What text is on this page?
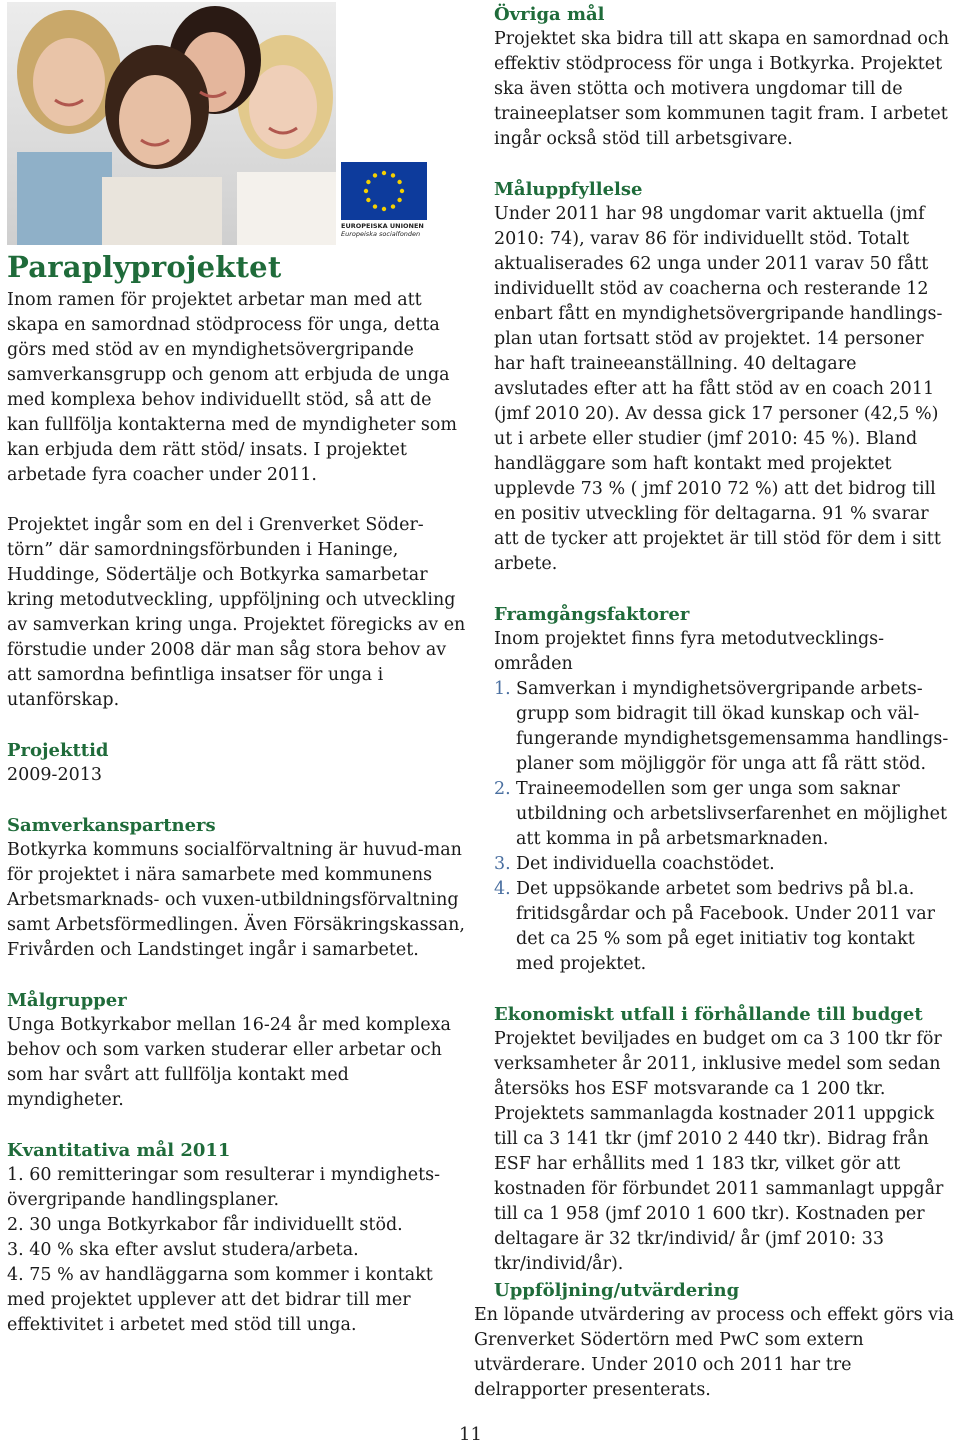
EUROPEISKA UNIONEN
Europeiska socialfonden
Paraplyprojektet

Inom ramen för projektet arbetar man med att skapa en samordnad stödprocess för unga, detta görs med stöd av en myndighetsövergripande samverkansgrupp och genom att erbjuda de unga med komplexa behov individuellt stöd, så att de kan fullfölja kontakterna med de myndigheter som kan erbjuda dem rätt stöd/ insats. I projektet arbetade fyra coacher under 2011.

Projektet ingår som en del i Grenverket Söder-törn” där samordningsförbunden i Haninge, Huddinge, Södertälje och Botkyrka samarbetar kring metodutveckling, uppföljning och utveckling av samverkan kring unga. Projektet föregicks av en förstudie under 2008 där man såg stora behov av att samordna befintliga insatser för unga i utanförskap.

Projekttid

2009-2013

Samverkanspartners

Botkyrka kommuns socialförvaltning är huvud-man för projektet i nära samarbete med kommunens Arbetsmarknads- och vuxen-utbildningsförvaltning samt Arbetsförmedlingen. Även Försäkringskassan, Frivården och Landstinget ingår i samarbetet.

Målgrupper

Unga Botkyrkabor mellan 16-24 år med komplexa behov och som varken studerar eller arbetar och som har svårt att fullfölja kontakt med myndigheter.

Kvantitativa mål 2011

1. 60 remitteringar som resulterar i myndighets-övergripande handlingsplaner.

2. 30 unga Botkyrkabor får individuellt stöd.

3. 40 % ska efter avslut studera/arbeta.

4. 75 % av handläggarna som kommer i kontakt med projektet upplever att det bidrar till mer effektivitet i arbetet med stöd till unga.

Övriga mål

Projektet ska bidra till att skapa en samordnad och effektiv stödprocess för unga i Botkyrka. Projektet ska även stötta och motivera ungdomar till de traineeplatser som kommunen tagit fram. I arbetet ingår också stöd till arbetsgivare.

Måluppfyllelse

Under 2011 har 98 ungdomar varit aktuella (jmf 2010: 74), varav 86 för individuellt stöd. Totalt aktualiserades 62 unga under 2011 varav 50 fått individuellt stöd av coacherna och resterande 12 enbart fått en myndighetsövergripande handlings-plan utan fortsatt stöd av projektet. 14 personer har haft traineeanställning. 40 deltagare avslutades efter att ha fått stöd av en coach 2011 (jmf 2010 20). Av dessa gick 17 personer (42,5 %) ut i arbete eller studier (jmf 2010: 45 %). Bland handläggare som haft kontakt med projektet upplevde 73 % ( jmf 2010 72 %) att det bidrog till en positiv utveckling för deltagarna. 91 % svarar att de tycker att projektet är till stöd för dem i sitt arbete.

Framgångsfaktorer

Inom projektet finns fyra metodutvecklings-områden

1. Samverkan i myndighetsövergripande arbets-grupp som bidragit till ökad kunskap och väl-fungerande myndighetsgemensamma handlings-planer som möjliggör för unga att få rätt stöd.
2. Traineemodellen som ger unga som saknar utbildning och arbetslivserfarenhet en möjlighet att komma in på arbetsmarknaden.
3. Det individuella coachstödet.
4. Det uppsökande arbetet som bedrivs på bl.a. fritidsgårdar och på Facebook. Under 2011 var det ca 25 % som på eget initiativ tog kontakt med projektet.
Ekonomiskt utfall i förhållande till budget

Projektet beviljades en budget om ca 3 100 tkr för verksamheter år 2011, inklusive medel som sedan återsöks hos ESF motsvarande ca 1 200 tkr. Projektets sammanlagda kostnader 2011 uppgick till ca 3 141 tkr (jmf 2010 2 440 tkr). Bidrag från ESF har erhållits med 1 183 tkr, vilket gör att kostnaden för förbundet 2011 sammanlagt uppgår till ca 1 958 (jmf 2010 1 600 tkr). Kostnaden per deltagare är 32 tkr/individ/ år (jmf 2010: 33 tkr/individ/år).

Uppföljning/utvärdering

En löpande utvärdering av process och effekt görs via Grenverket Södertörn med PwC som extern utvärderare. Under 2010 och 2011 har tre delrapporter presenterats.

11
